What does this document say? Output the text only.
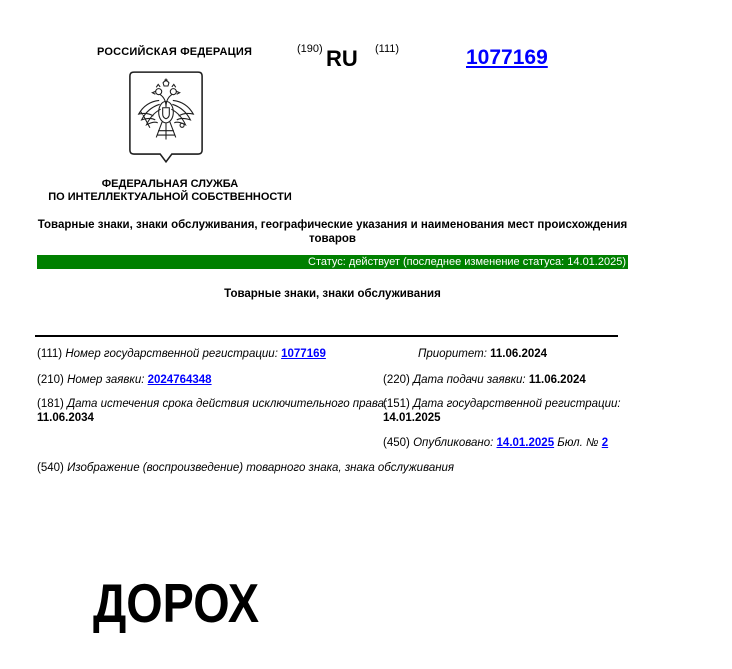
РОССИЙСКАЯ ФЕДЕРАЦИЯ	(190) RU (111)	1077169
ФЕДЕРАЛЬНАЯ СЛУЖБА
ПО ИНТЕЛЛЕКТУАЛЬНОЙ СОБСТВЕННОСТИ
Товарные знаки, знаки обслуживания, географические указания и наименования мест происхождения товаров
Статус: действует (последнее изменение статуса: 14.01.2025)
Товарные знаки, знаки обслуживания
(111) Номер государственной регистрации: 1077169	Приоритет: 11.06.2024
(210) Номер заявки: 2024764348	(220) Дата подачи заявки: 11.06.2024
(181) Дата истечения срока действия исключительного права:
11.06.2034
(151) Дата государственной регистрации:
14.01.2025
(450) Опубликовано: 14.01.2025 Бюл. № 2
(540) Изображение (воспроизведение) товарного знака, знака обслуживания
ДОРОХ
